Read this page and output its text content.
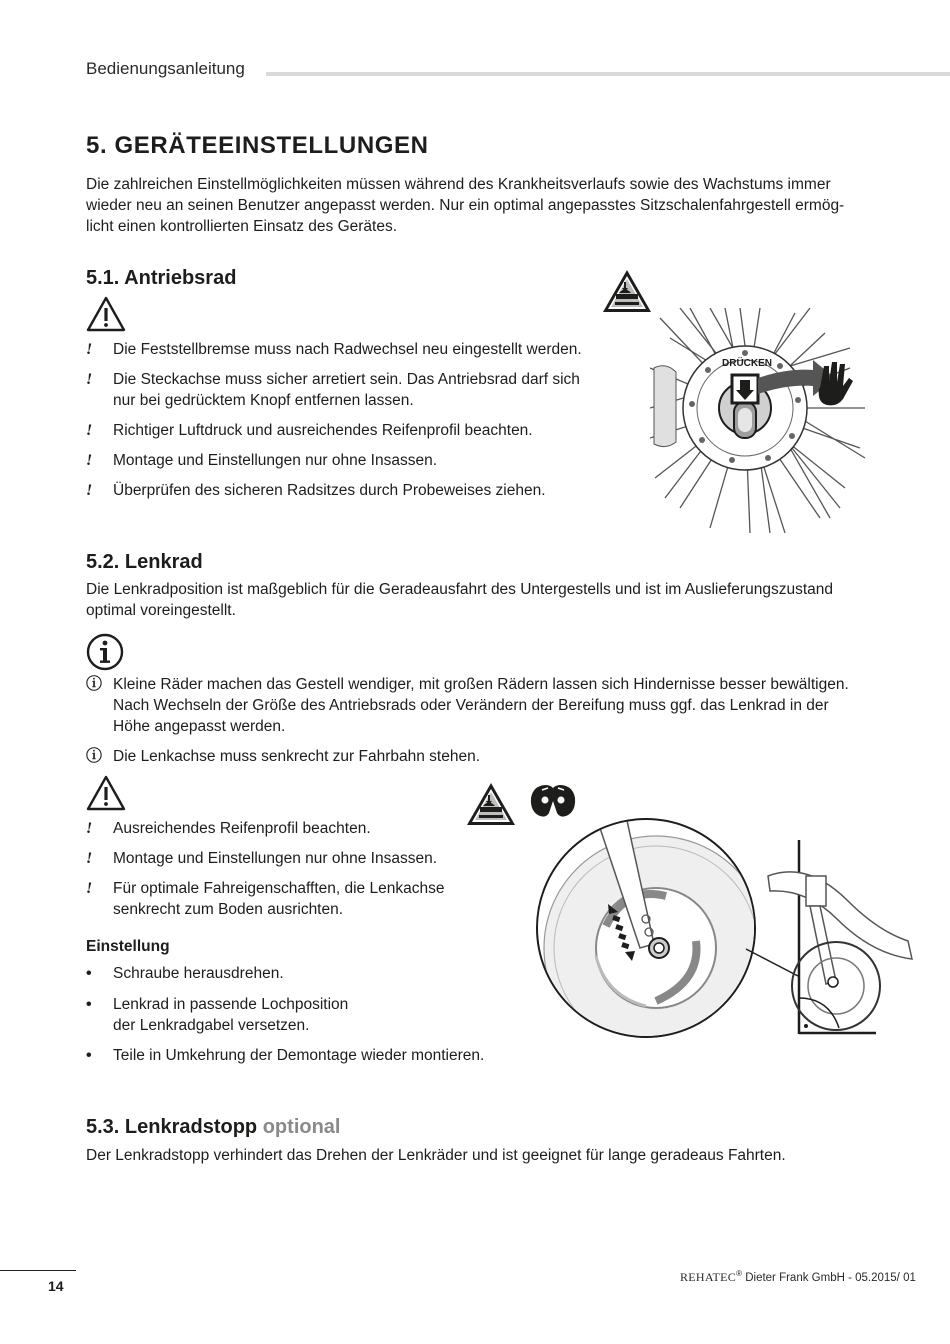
Bedienungsanleitung
5. GERÄTEEINSTELLUNGEN

Die zahlreichen Einstellmöglichkeiten müssen während des Krankheitsverlaufs sowie des Wachstums immer

wieder neu an seinen Benutzer angepasst werden. Nur ein optimal angepasstes Sitzschalenfahrgestell ermög-

licht einen kontrollierten Einsatz des Gerätes.

5.1. Antriebsrad
!	Die Feststellbremse muss nach Radwechsel neu eingestellt werden.
!	Die Steckachse muss sicher arretiert sein. Das Antriebsrad darf sich
nur bei gedrücktem Knopf entfernen lassen.
!	Richtiger Luftdruck und ausreichendes Reifenprofil beachten.
!	Montage und Einstellungen nur ohne Insassen.
!	Überprüfen des sicheren Radsitzes durch Probeweises ziehen.
DRÜCKEN
5.2. Lenkrad

Die Lenkradposition ist maßgeblich für die Geradeausfahrt des Untergestells und ist im Auslieferungszustand

optimal voreingestellt.

ⓘ Kleine Räder machen das Gestell wendiger, mit großen Rädern lassen sich Hindernisse besser bewältigen.
Nach Wechseln der Größe des Antriebsrads oder Verändern der Bereifung muss ggf. das Lenkrad in der
Höhe angepasst werden.
ⓘ Die Lenkachse muss senkrecht zur Fahrbahn stehen.
!	Ausreichendes Reifenprofil beachten.
!	Montage und Einstellungen nur ohne Insassen.
!	Für optimale Fahreigenschafften, die Lenkachse
senkrecht zum Boden ausrichten.
Einstellung
•	Schraube herausdrehen.
•	Lenkrad in passende Lochposition
der Lenkradgabel versetzen.
•	Teile in Umkehrung der Demontage wieder montieren.
5.3. Lenkradstopp optional
Der Lenkradstopp verhindert das Drehen der Lenkräder und ist geeignet für lange geradeaus Fahrten.
14
REHATEC® Dieter Frank GmbH - 05.2015/ 01
